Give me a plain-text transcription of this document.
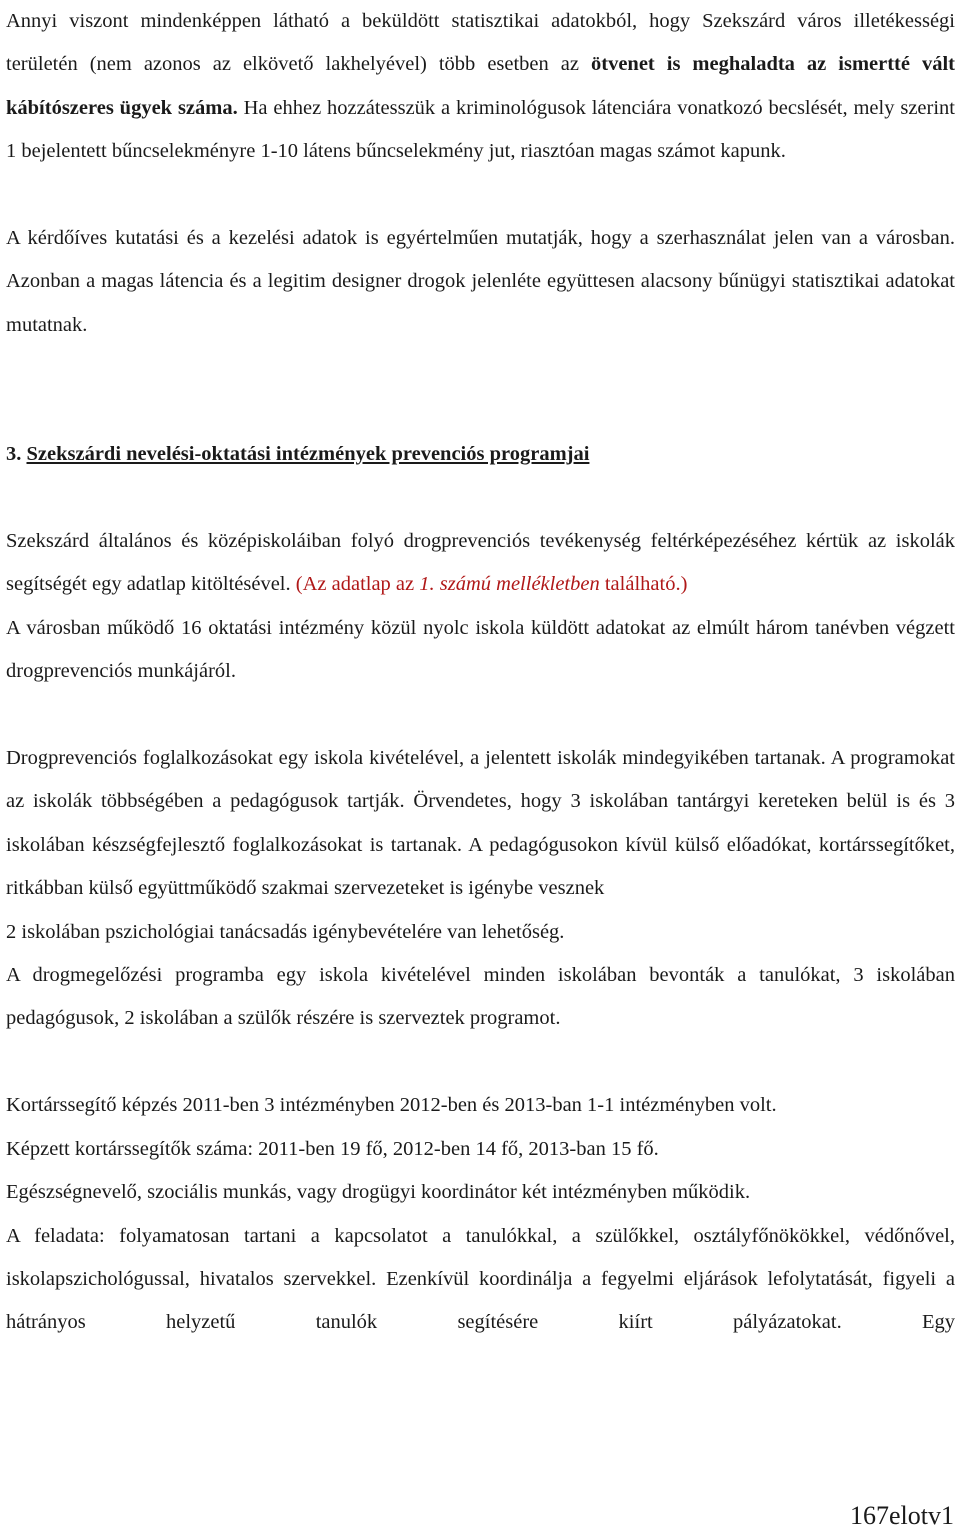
Annyi viszont mindenképpen látható a beküldött statisztikai adatokból, hogy Szekszárd város illetékességi területén (nem azonos az elkövető lakhelyével) több esetben az ötvenet is meghaladta az ismertté vált kábítószeres ügyek száma. Ha ehhez hozzátesszük a kriminológusok látenciára vonatkozó becslését, mely szerint 1 bejelentett bűncselekményre 1-10 látens bűncselekmény jut, riasztóan magas számot kapunk.

A kérdőíves kutatási és a kezelési adatok is egyértelműen mutatják, hogy a szerhasználat jelen van a városban. Azonban a magas látencia és a legitim designer drogok jelenléte együttesen alacsony bűnügyi statisztikai adatokat mutatnak.

3. Szekszárdi nevelési-oktatási intézmények prevenciós programjai

Szekszárd általános és középiskoláiban folyó drogprevenciós tevékenység feltérképezéséhez kértük az iskolák segítségét egy adatlap kitöltésével. (Az adatlap az 1. számú mellékletben található.)

A városban működő 16 oktatási intézmény közül nyolc iskola küldött adatokat az elmúlt három tanévben végzett drogprevenciós munkájáról.

Drogprevenciós foglalkozásokat egy iskola kivételével, a jelentett iskolák mindegyikében tartanak. A programokat az iskolák többségében a pedagógusok tartják. Örvendetes, hogy 3 iskolában tantárgyi kereteken belül is és 3 iskolában készségfejlesztő foglalkozásokat is tartanak. A pedagógusokon kívül külső előadókat, kortárssegítőket, ritkábban külső együttműködő szakmai szervezeteket is igénybe vesznek

2 iskolában pszichológiai tanácsadás igénybevételére van lehetőség.

A drogmegelőzési programba egy iskola kivételével minden iskolában bevonták a tanulókat, 3 iskolában pedagógusok, 2 iskolában a szülők részére is szerveztek programot.

Kortárssegítő képzés 2011-ben 3 intézményben 2012-ben és 2013-ban 1-1 intézményben volt.

Képzett kortárssegítők száma: 2011-ben 19 fő, 2012-ben 14 fő, 2013-ban 15 fő.

Egészségnevelő, szociális munkás, vagy drogügyi koordinátor két intézményben működik.

A feladata: folyamatosan tartani a kapcsolatot a tanulókkal, a szülőkkel, osztályfőnökökkel, védőnővel, iskolapszichológussal, hivatalos szervekkel. Ezenkívül koordinálja a fegyelmi eljárások lefolytatását, figyeli a hátrányos helyzetű tanulók segítésére kiírt pályázatokat. Egy

167elotv1
